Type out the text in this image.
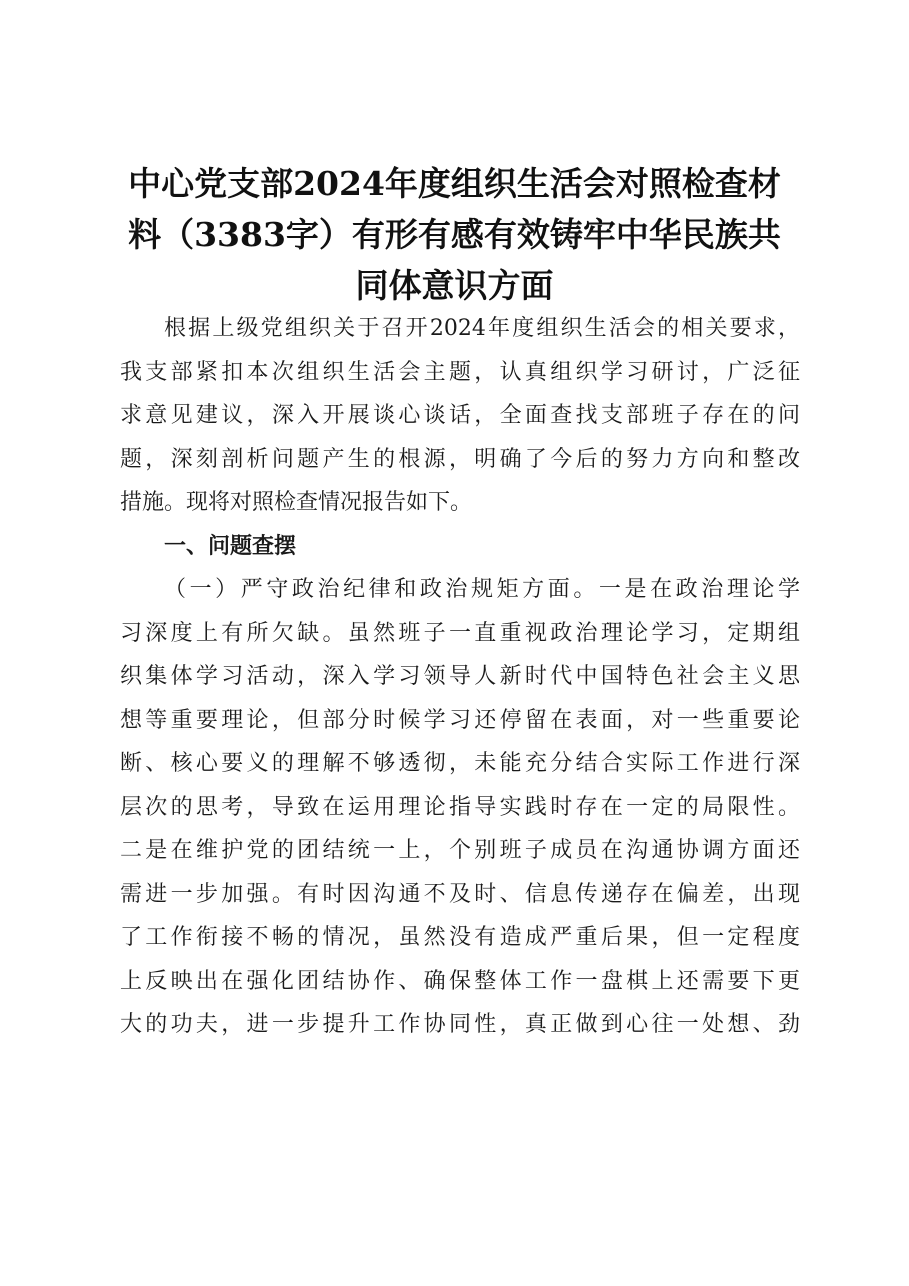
中心党支部2024年度组织生活会对照检查材
料（3383字）有形有感有效铸牢中华民族共
同体意识方面
根据上级党组织关于召开2024年度组织生活会的相关要求，
我支部紧扣本次组织生活会主题，认真组织学习研讨，广泛征
求意见建议，深入开展谈心谈话，全面查找支部班子存在的问
题，深刻剖析问题产生的根源，明确了今后的努力方向和整改
措施。现将对照检查情况报告如下。
一、问题查摆
（一）严守政治纪律和政治规矩方面。一是在政治理论学
习深度上有所欠缺。虽然班子一直重视政治理论学习，定期组
织集体学习活动，深入学习领导人新时代中国特色社会主义思
想等重要理论，但部分时候学习还停留在表面，对一些重要论
断、核心要义的理解不够透彻，未能充分结合实际工作进行深
层次的思考，导致在运用理论指导实践时存在一定的局限性。
二是在维护党的团结统一上，个别班子成员在沟通协调方面还
需进一步加强。有时因沟通不及时、信息传递存在偏差，出现
了工作衔接不畅的情况，虽然没有造成严重后果，但一定程度
上反映出在强化团结协作、确保整体工作一盘棋上还需要下更
大的功夫，进一步提升工作协同性，真正做到心往一处想、劲
